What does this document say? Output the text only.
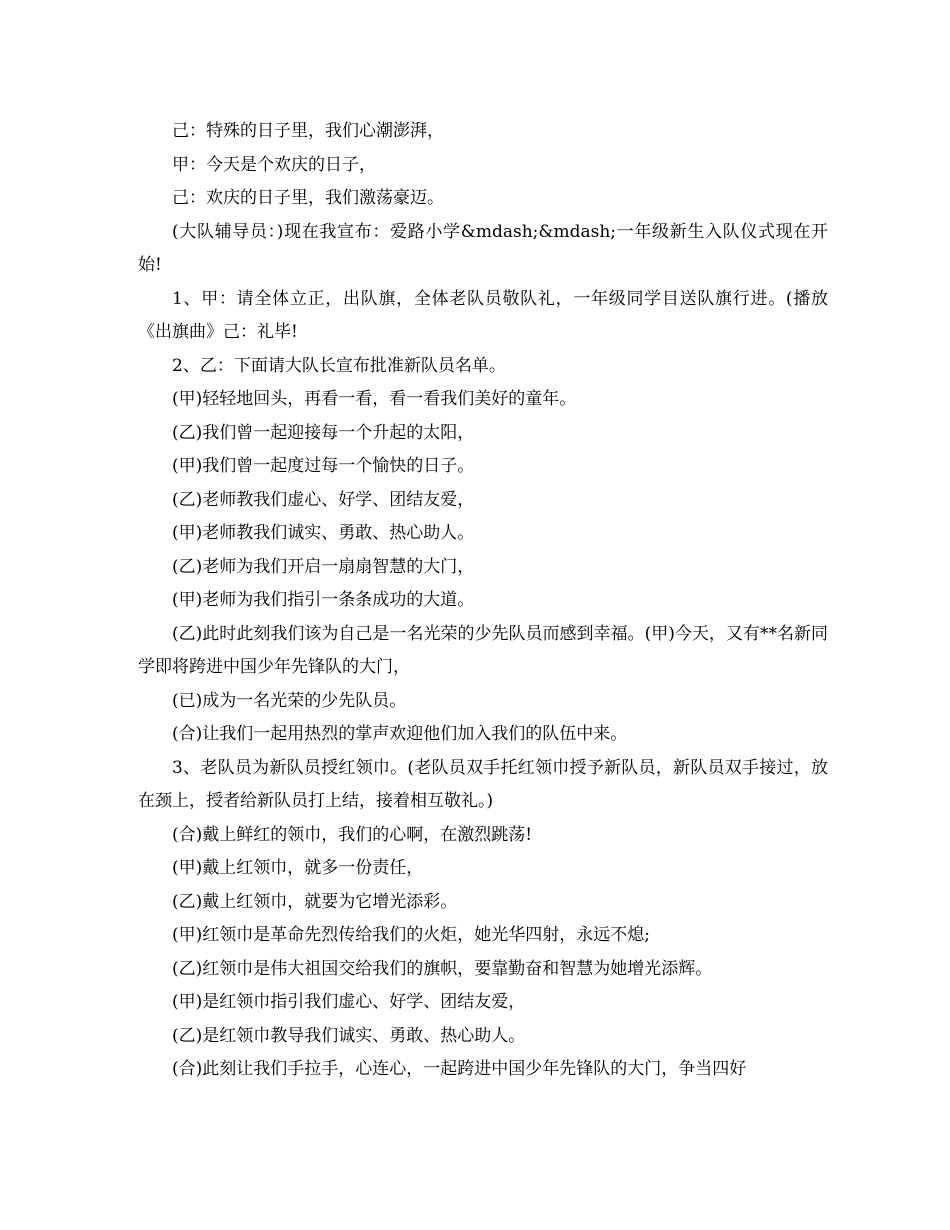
己：特殊的日子里，我们心潮澎湃，

甲：今天是个欢庆的日子，

己：欢庆的日子里，我们激荡豪迈。

(大队辅导员：)现在我宣布：爱路小学&mdash;&mdash;一年级新生入队仪式现在开始!

1、甲：请全体立正，出队旗，全体老队员敬队礼，一年级同学目送队旗行进。(播放《出旗曲》己：礼毕!

2、乙：下面请大队长宣布批准新队员名单。

(甲)轻轻地回头，再看一看，看一看我们美好的童年。

(乙)我们曾一起迎接每一个升起的太阳，

(甲)我们曾一起度过每一个愉快的日子。

(乙)老师教我们虚心、好学、团结友爱，

(甲)老师教我们诚实、勇敢、热心助人。

(乙)老师为我们开启一扇扇智慧的大门，

(甲)老师为我们指引一条条成功的大道。

(乙)此时此刻我们该为自己是一名光荣的少先队员而感到幸福。(甲)今天，又有**名新同学即将跨进中国少年先锋队的大门，

(已)成为一名光荣的少先队员。

(合)让我们一起用热烈的掌声欢迎他们加入我们的队伍中来。

3、老队员为新队员授红领巾。(老队员双手托红领巾授予新队员，新队员双手接过，放在颈上，授者给新队员打上结，接着相互敬礼。)

(合)戴上鲜红的领巾，我们的心啊，在激烈跳荡!

(甲)戴上红领巾，就多一份责任，

(乙)戴上红领巾，就要为它增光添彩。

(甲)红领巾是革命先烈传给我们的火炬，她光华四射，永远不熄;

(乙)红领巾是伟大祖国交给我们的旗帜，要靠勤奋和智慧为她增光添辉。

(甲)是红领巾指引我们虚心、好学、团结友爱，

(乙)是红领巾教导我们诚实、勇敢、热心助人。

(合)此刻让我们手拉手，心连心，一起跨进中国少年先锋队的大门，争当四好
